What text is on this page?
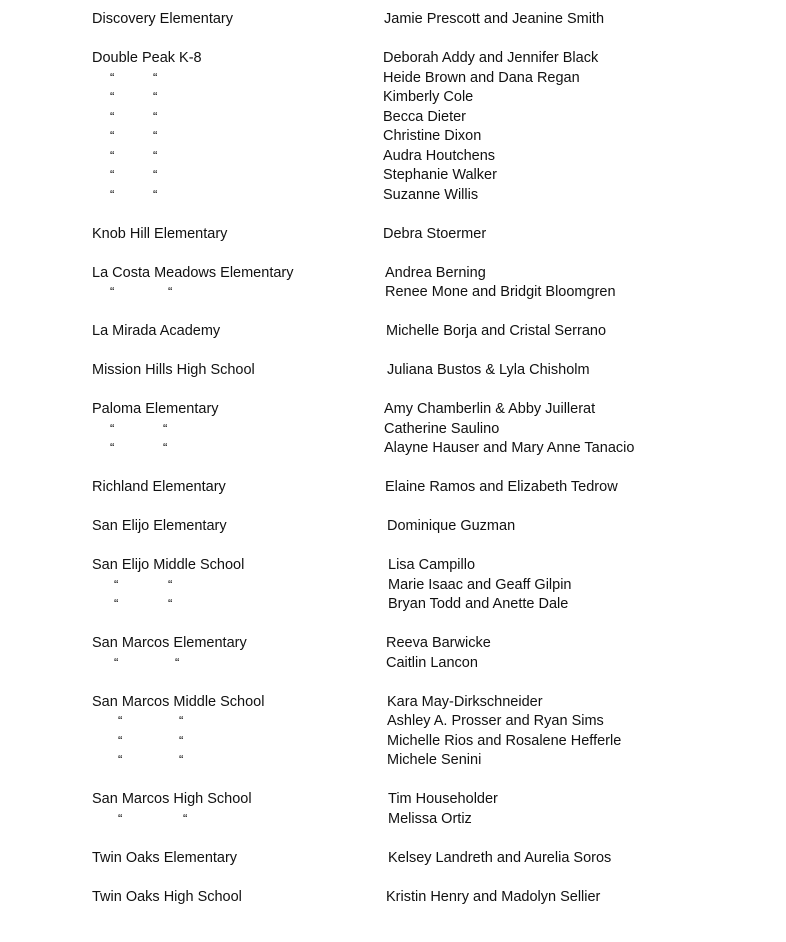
Discovery Elementary	Jamie Prescott and Jeanine Smith
Double Peak K-8	Deborah Addy and Jennifer Black
“	“	Heide Brown and Dana Regan
“	“	Kimberly Cole
“	“	Becca Dieter
“	“	Christine Dixon
“	“	Audra Houtchens
“	“	Stephanie Walker
“	“	Suzanne Willis
Knob Hill Elementary	Debra Stoermer
La Costa Meadows Elementary	Andrea Berning
“	“	Renee Mone and Bridgit Bloomgren
La Mirada Academy	Michelle Borja and Cristal Serrano
Mission Hills High School	Juliana Bustos & Lyla Chisholm
Paloma Elementary	Amy Chamberlin & Abby Juillerat
“	“	Catherine Saulino
“	“	Alayne Hauser and Mary Anne Tanacio
Richland Elementary	Elaine Ramos and Elizabeth Tedrow
San Elijo Elementary	Dominique Guzman
San Elijo Middle School	Lisa Campillo
“	“	Marie Isaac and Geaff Gilpin
“	“	Bryan Todd and Anette Dale
San Marcos Elementary	Reeva Barwicke
“	“	Caitlin Lancon
San Marcos Middle School	Kara May-Dirkschneider
“	“	Ashley A. Prosser and Ryan Sims
“	“	Michelle Rios and Rosalene Hefferle
“	“	Michele Senini
San Marcos High School	Tim Householder
“	“	Melissa Ortiz
Twin Oaks Elementary	Kelsey Landreth and Aurelia Soros
Twin Oaks High School	Kristin Henry and Madolyn Sellier
